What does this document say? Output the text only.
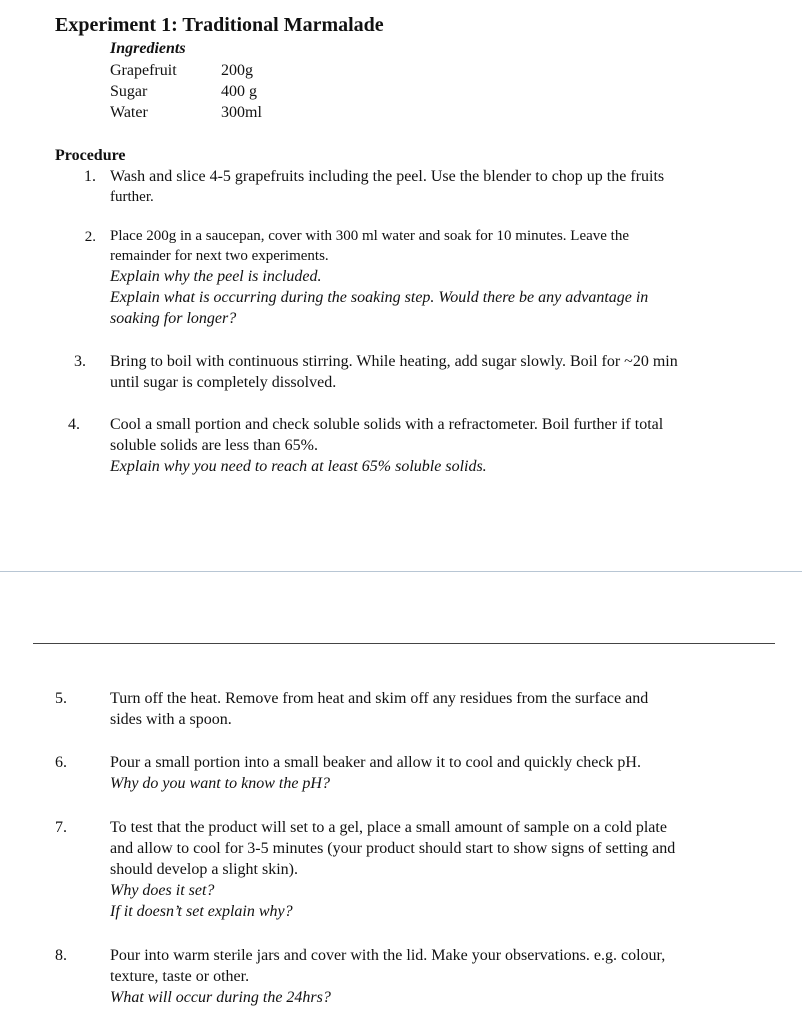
Experiment 1: Traditional Marmalade
Ingredients
Grapefruit	200g
Sugar	400 g
Water	300ml
Procedure
1. Wash and slice 4-5 grapefruits including the peel. Use the blender to chop up the fruits
further.
2. Place 200g in a saucepan, cover with 300 ml water and soak for 10 minutes. Leave the
remainder for next two experiments.
Explain why the peel is included.
Explain what is occurring during the soaking step. Would there be any advantage in
soaking for longer?
3. Bring to boil with continuous stirring. While heating, add sugar slowly. Boil for ~20 min
until sugar is completely dissolved.
4. Cool a small portion and check soluble solids with a refractometer. Boil further if total
soluble solids are less than 65%.
Explain why you need to reach at least 65% soluble solids.
5.	Turn off the heat. Remove from heat and skim off any residues from the surface and
sides with a spoon.
6.	Pour a small portion into a small beaker and allow it to cool and quickly check pH.
Why do you want to know the pH?
7.	To test that the product will set to a gel, place a small amount of sample on a cold plate
and allow to cool for 3-5 minutes (your product should start to show signs of setting and
should develop a slight skin).
Why does it set?
If it doesn’t set explain why?
8.	Pour into warm sterile jars and cover with the lid. Make your observations. e.g. colour,
texture, taste or other.
What will occur during the 24hrs?
